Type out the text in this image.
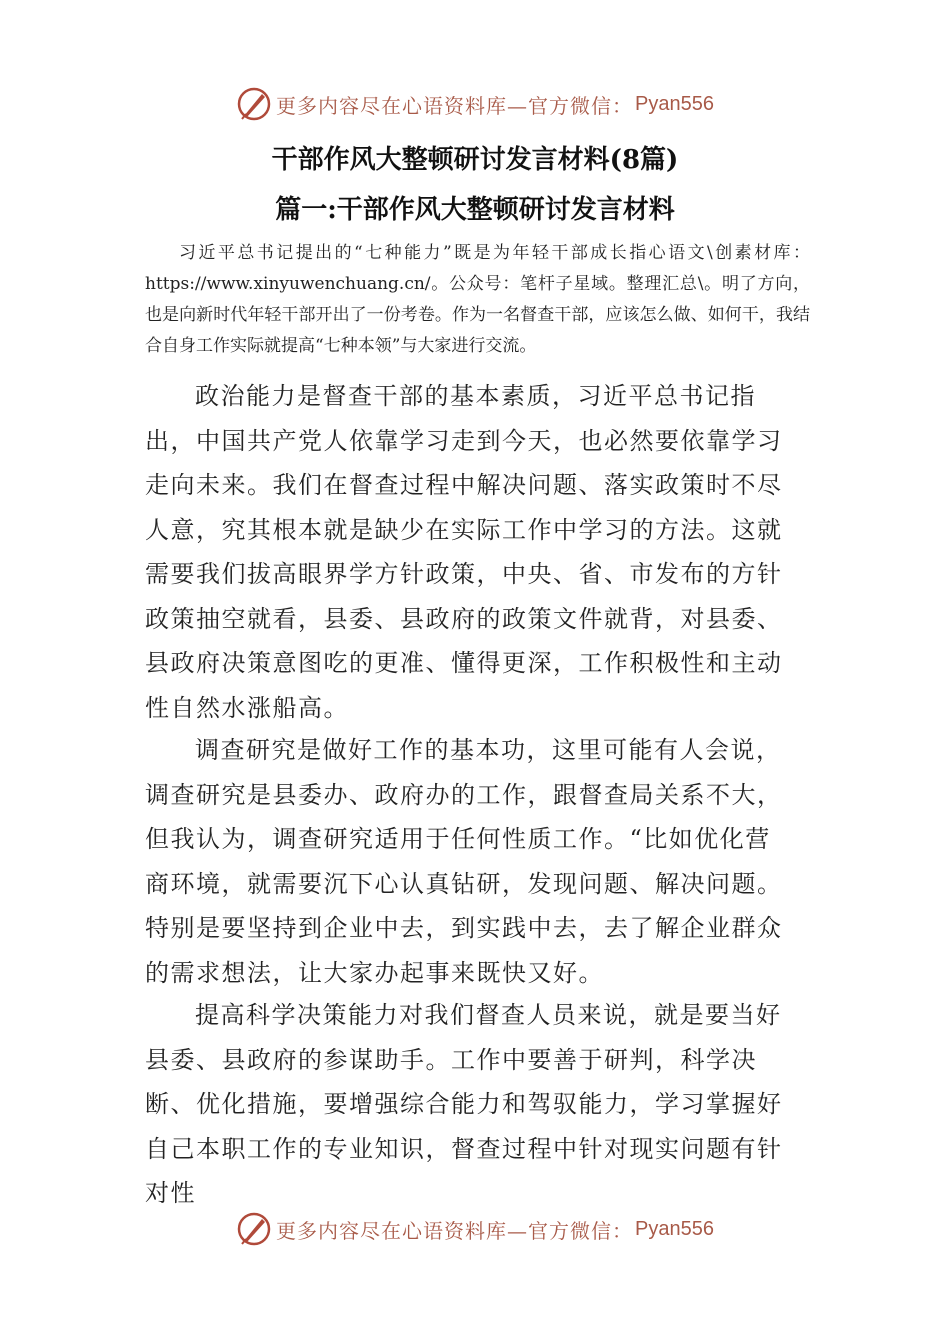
更多内容尽在心语资料库—官方微信： Pyan556
干部作风大整顿研讨发言材料(8篇)
篇一:干部作风大整顿研讨发言材料

习近平总书记提出的“七种能力”既是为年轻干部成长指心语文\创素材库：https://www.xinyuwenchuang.cn/。公众号：笔杆子星域。整理汇总\。明了方向，也是向新时代年轻干部开出了一份考卷。作为一名督查干部，应该怎么做、如何干，我结合自身工作实际就提高“七种本领”与大家进行交流。

政治能力是督查干部的基本素质，习近平总书记指出，中国共产党人依靠学习走到今天，也必然要依靠学习走向未来。我们在督查过程中解决问题、落实政策时不尽人意，究其根本就是缺少在实际工作中学习的方法。这就需要我们拔高眼界学方针政策，中央、省、市发布的方针政策抽空就看，县委、县政府的政策文件就背，对县委、县政府决策意图吃的更准、懂得更深，工作积极性和主动性自然水涨船高。

调查研究是做好工作的基本功，这里可能有人会说，调查研究是县委办、政府办的工作，跟督查局关系不大，但我认为，调查研究适用于任何性质工作。“比如优化营商环境，就需要沉下心认真钻研，发现问题、解决问题。特别是要坚持到企业中去，到实践中去，去了解企业群众的需求想法，让大家办起事来既快又好。

提高科学决策能力对我们督查人员来说，就是要当好县委、县政府的参谋助手。工作中要善于研判，科学决断、优化措施，要增强综合能力和驾驭能力，学习掌握好自己本职工作的专业知识，督查过程中针对现实问题有针对性

更多内容尽在心语资料库—官方微信： Pyan556
